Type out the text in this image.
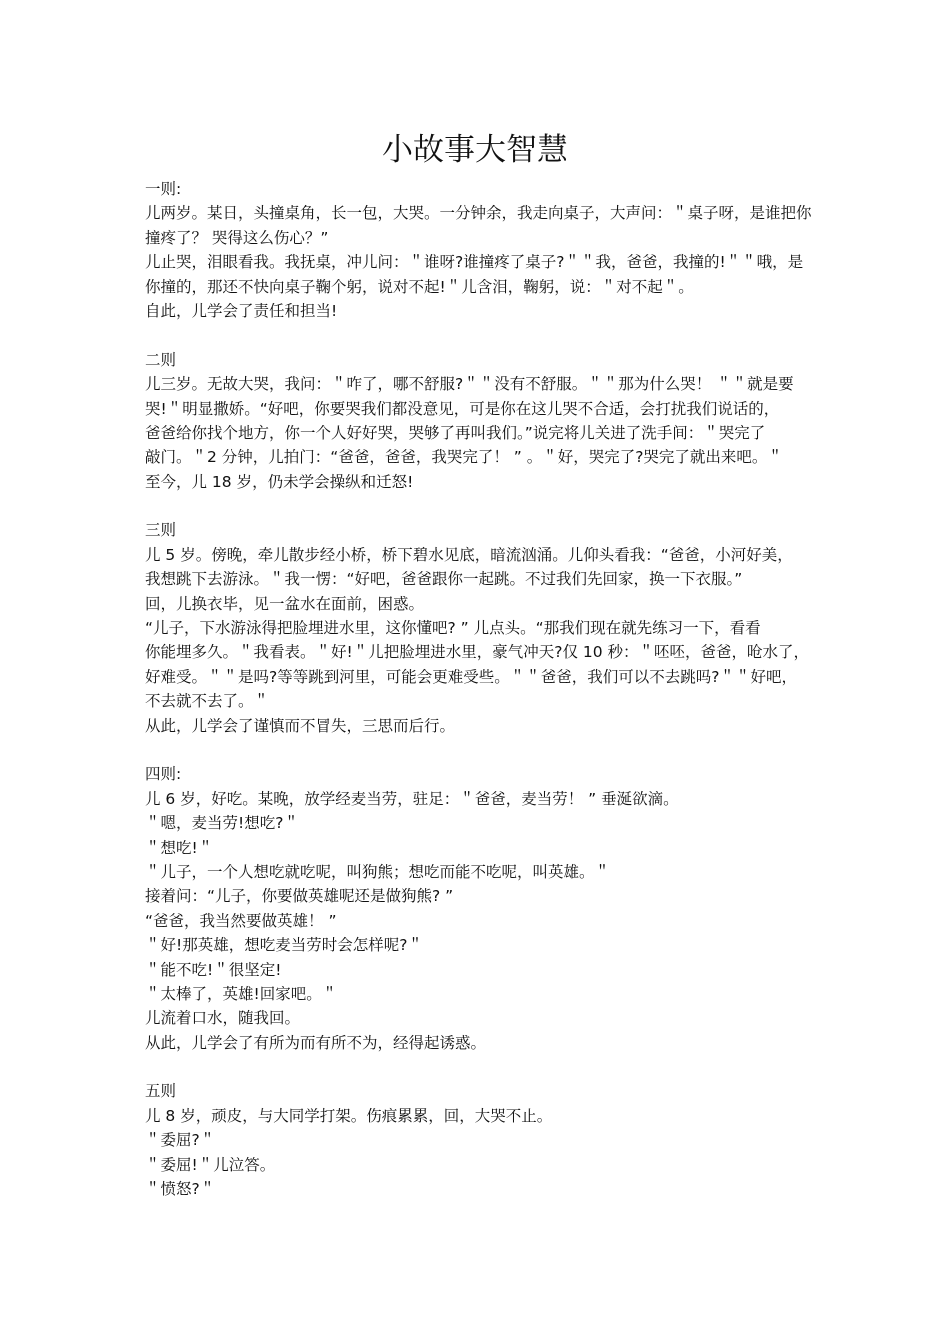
小故事大智慧
一则:
儿两岁。某日，头撞桌角，长一包，大哭。一分钟余，我走向桌子，大声问：＂桌子呀，是谁把你
撞疼了？ 哭得这么伤心？”
儿止哭，泪眼看我。我抚桌，冲儿问：＂谁呀?谁撞疼了桌子?＂＂我，爸爸，我撞的!＂＂哦，是
你撞的，那还不快向桌子鞠个躬，说对不起!＂儿含泪，鞠躬，说：＂对不起＂。
自此，儿学会了责任和担当!
二则
儿三岁。无故大哭，我问：＂咋了，哪不舒服?＂＂没有不舒服。＂＂那为什么哭！ ＂＂就是要
哭!＂明显撒娇。“好吧，你要哭我们都没意见，可是你在这儿哭不合适，会打扰我们说话的，
爸爸给你找个地方，你一个人好好哭，哭够了再叫我们。”说完将儿关进了洗手间：＂哭完了
敲门。＂2 分钟，儿拍门：“爸爸，爸爸，我哭完了！ ” 。＂好，哭完了?哭完了就出来吧。＂
至今，儿 18 岁，仍未学会操纵和迁怒!
三则
儿 5 岁。傍晚，牵儿散步经小桥，桥下碧水见底，暗流汹涌。儿仰头看我：“爸爸，小河好美，
我想跳下去游泳。＂我一愣：“好吧，爸爸跟你一起跳。不过我们先回家，换一下衣服。”
回，儿换衣毕，见一盆水在面前，困惑。
“儿子，下水游泳得把脸埋进水里，这你懂吧? ” 儿点头。“那我们现在就先练习一下，看看
你能埋多久。＂我看表。＂好!＂儿把脸埋进水里，豪气冲天?仅 10 秒：＂呸呸，爸爸，呛水了，
好难受。＂＂是吗?等等跳到河里，可能会更难受些。＂＂爸爸，我们可以不去跳吗?＂＂好吧，
不去就不去了。＂
从此，儿学会了谨慎而不冒失，三思而后行。
四则:
儿 6 岁，好吃。某晚，放学经麦当劳，驻足：＂爸爸，麦当劳！ ” 垂涎欲滴。
＂嗯，麦当劳!想吃?＂
＂想吃!＂
＂儿子，一个人想吃就吃呢，叫狗熊；想吃而能不吃呢，叫英雄。＂
接着问：“儿子，你要做英雄呢还是做狗熊? ”
“爸爸，我当然要做英雄！ ”
＂好!那英雄，想吃麦当劳时会怎样呢?＂
＂能不吃!＂很坚定!
＂太棒了，英雄!回家吧。＂
儿流着口水，随我回。
从此，儿学会了有所为而有所不为，经得起诱惑。
五则
儿 8 岁，顽皮，与大同学打架。伤痕累累，回，大哭不止。
＂委屈?＂
＂委屈!＂儿泣答。
＂愤怒?＂
